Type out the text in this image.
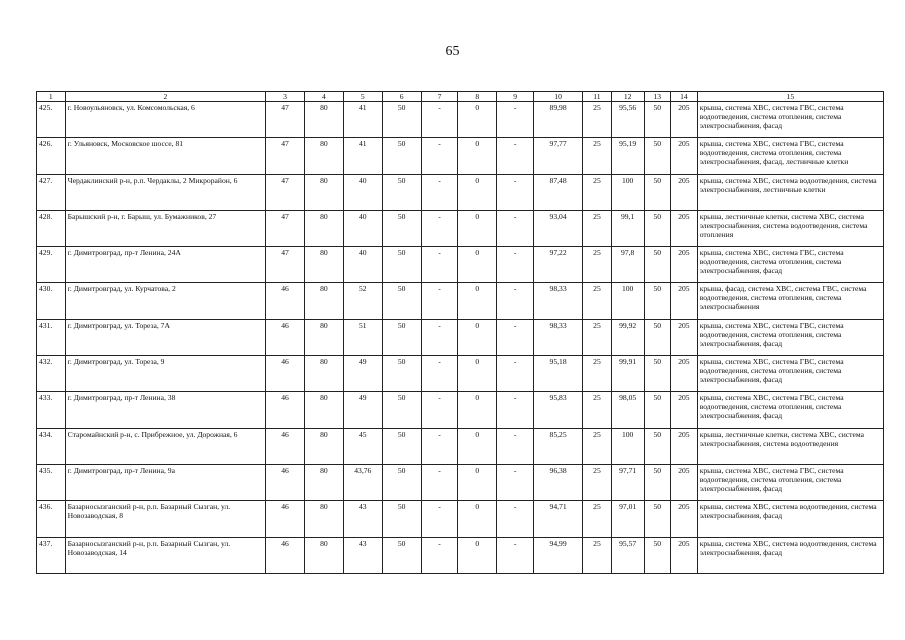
65
1	2	3	4	5	6	7	8	9	10	11	12	13	14	15
425.	г. Новоульяновск, ул. Комсомольская, 6	47	80	41	50	-	0	-	89,98	25	95,56	50	205	крыша, система ХВС, система ГВС, система водоотведения, система отопления, система электроснабжения, фасад
426.	г. Ульяновск, Московское шоссе, 81	47	80	41	50	-	0	-	97,77	25	95,19	50	205	крыша, система ХВС, система ГВС, система водоотведения, система отопления, система электроснабжения, фасад, лестничные клетки
427.	Чердаклинский р-н, р.п. Чердаклы, 2 Микрорайон, 6	47	80	40	50	-	0	-	87,48	25	100	50	205	крыша, система ХВС, система водоотведения, система электроснабжения, лестничные клетки
428.	Барышский р-н, г. Барыш, ул. Бумажников, 27	47	80	40	50	-	0	-	93,04	25	99,1	50	205	крыша, лестничные клетки, система ХВС, система электроснабжения, система водоотведения, система отопления
429.	г. Димитровград, пр-т Ленина, 24А	47	80	40	50	-	0	-	97,22	25	97,8	50	205	крыша, система ХВС, система ГВС, система водоотведения, система отопления, система электроснабжения, фасад
430.	г. Димитровград, ул. Курчатова, 2	46	80	52	50	-	0	-	98,33	25	100	50	205	крыша, фасад, система ХВС, система ГВС, система водоотведения, система отопления, система электроснабжения
431.	г. Димитровград, ул. Тореза, 7А	46	80	51	50	-	0	-	98,33	25	99,92	50	205	крыша, система ХВС, система ГВС, система водоотведения, система отопления, система электроснабжения, фасад
432.	г. Димитровград, ул. Тореза, 9	46	80	49	50	-	0	-	95,18	25	99,91	50	205	крыша, система ХВС, система ГВС, система водоотведения, система отопления, система электроснабжения, фасад
433.	г. Димитровград, пр-т Ленина, 38	46	80	49	50	-	0	-	95,83	25	98,05	50	205	крыша, система ХВС, система ГВС, система водоотведения, система отопления, система электроснабжения, фасад
434.	Старомайнский р-н, с. Прибрежное, ул. Дорожная, 6	46	80	45	50	-	0	-	85,25	25	100	50	205	крыша, лестничные клетки, система ХВС, система электроснабжения, система водоотведения
435.	г. Димитровград, пр-т Ленина, 9а	46	80	43,76	50	-	0	-	96,38	25	97,71	50	205	крыша, система ХВС, система ГВС, система водоотведения, система отопления, система электроснабжения, фасад
436.	Базарносызганский р-н, р.п. Базарный Сызган, ул. Новозаводская, 8	46	80	43	50	-	0	-	94,71	25	97,01	50	205	крыша, система ХВС, система водоотведения, система электроснабжения, фасад
437.	Базарносызганский р-н, р.п. Базарный Сызган, ул. Новозаводская, 14	46	80	43	50	-	0	-	94,99	25	95,57	50	205	крыша, система ХВС, система водоотведения, система электроснабжения, фасад
